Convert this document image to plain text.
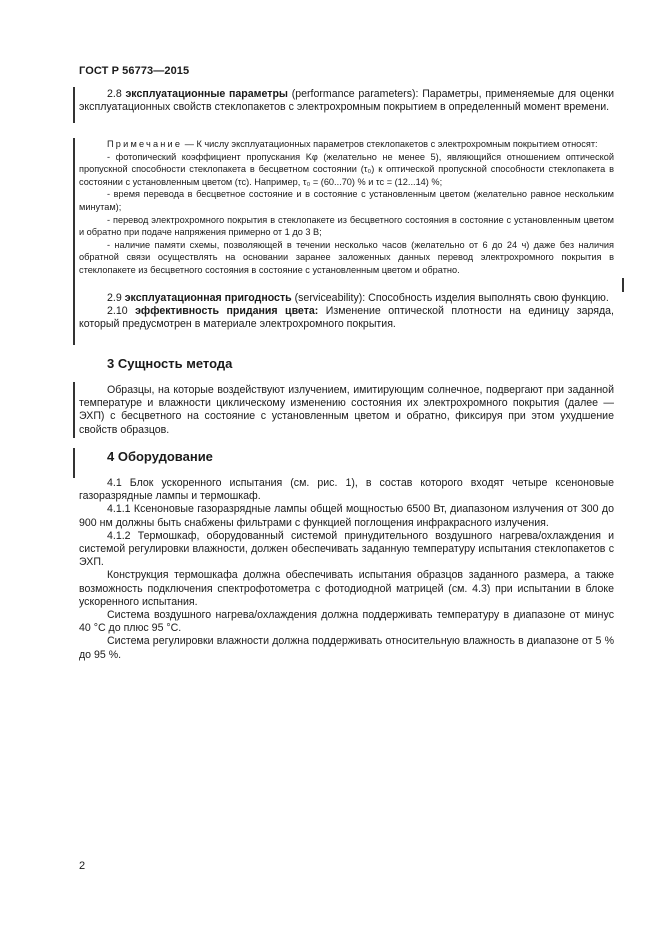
ГОСТ Р 56773—2015

2.8 эксплуатационные параметры (performance parameters): Параметры, применяемые для оценки эксплуатационных свойств стеклопакетов с электрохромным покрытием в определенный момент времени.

Примечание — К числу эксплуатационных параметров стеклопакетов с электрохромным покрытием относят:

- фотопический коэффициент пропускания Kφ (желательно не менее 5), являющийся отношением оптической пропускной способности стеклопакета в бесцветном состоянии (τ₀) к оптической пропускной способности стеклопакета в состоянии с установленным цветом (τс). Например, τ₀ = (60...70) % и τс = (12...14) %;

- время перевода в бесцветное состояние и в состояние с установленным цветом (желательно равное нескольким минутам);

- перевод электрохромного покрытия в стеклопакете из бесцветного состояния в состояние с установленным цветом и обратно при подаче напряжения примерно от 1 до 3 В;

- наличие памяти схемы, позволяющей в течении несколько часов (желательно от 6 до 24 ч) даже без наличия обратной связи осуществлять на основании заранее заложенных данных перевод электрохромного покрытия в стеклопакете из бесцветного состояния в состояние с установленным цветом и обратно.

2.9 эксплуатационная пригодность (serviceability): Способность изделия выполнять свою функцию.

2.10 эффективность придания цвета: Изменение оптической плотности на единицу заряда, который предусмотрен в материале электрохромного покрытия.

3 Сущность метода

Образцы, на которые воздействуют излучением, имитирующим солнечное, подвергают при заданной температуре и влажности циклическому изменению состояния их электрохромного покрытия (далее — ЭХП) с бесцветного на состояние с установленным цветом и обратно, фиксируя при этом ухудшение свойств образцов.

4 Оборудование

4.1 Блок ускоренного испытания (см. рис. 1), в состав которого входят четыре ксеноновые газоразрядные лампы и термошкаф.

4.1.1 Ксеноновые газоразрядные лампы общей мощностью 6500 Вт, диапазоном излучения от 300 до 900 нм должны быть снабжены фильтрами с функцией поглощения инфракрасного излучения.

4.1.2 Термошкаф, оборудованный системой принудительного воздушного нагрева/охлаждения и системой регулировки влажности, должен обеспечивать заданную температуру испытания стеклопакетов с ЭХП.

Конструкция термошкафа должна обеспечивать испытания образцов заданного размера, а также возможность подключения спектрофотометра с фотодиодной матрицей (см. 4.3) при испытании в блоке ускоренного испытания.

Система воздушного нагрева/охлаждения должна поддерживать температуру в диапазоне от минус 40 °С до плюс 95 °С.

Система регулировки влажности должна поддерживать относительную влажность в диапазоне от 5 % до 95 %.

2
